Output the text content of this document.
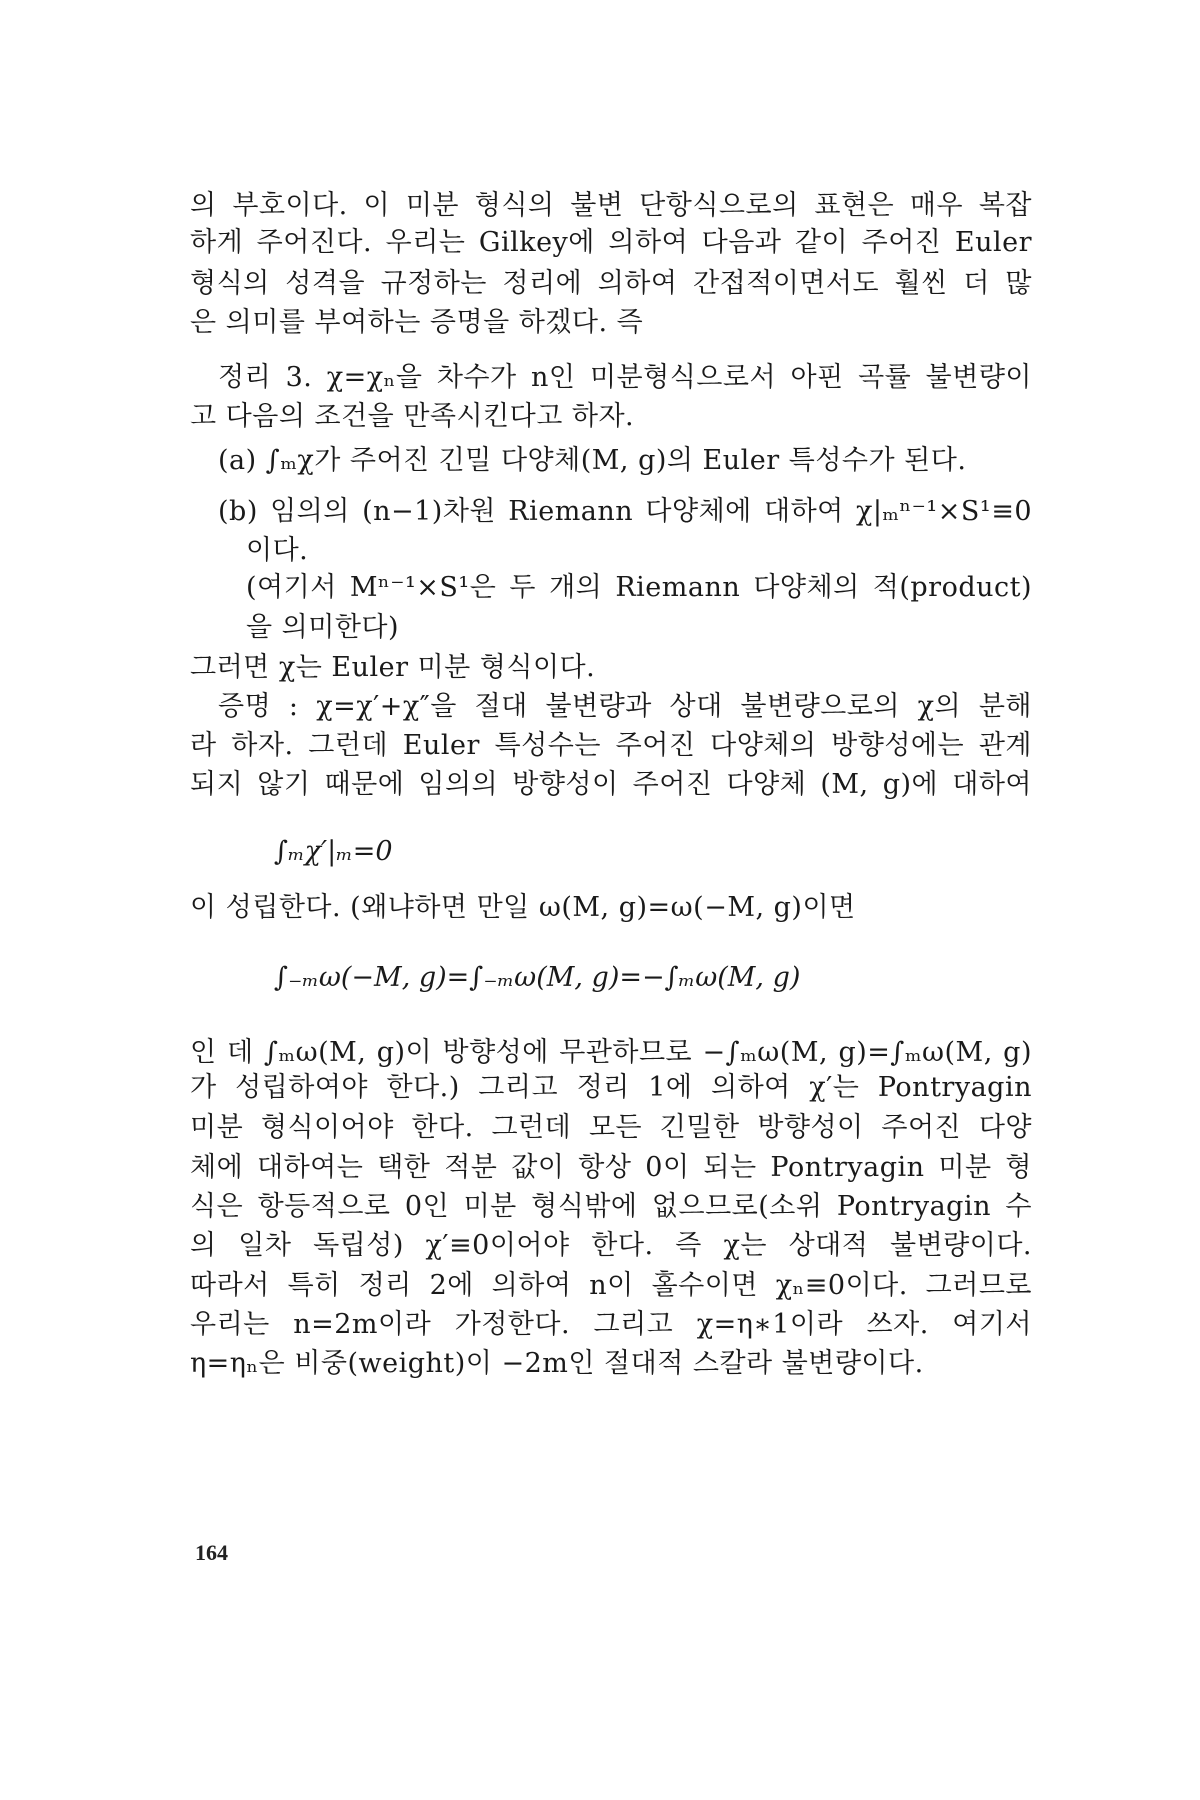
의 부호이다. 이 미분 형식의 불변 단항식으로의 표현은 매우 복잡
하게 주어진다. 우리는 Gilkey에 의하여 다음과 같이 주어진 Euler
형식의 성격을 규정하는 정리에 의하여 간접적이면서도 훨씬 더 많
은 의미를 부여하는 증명을 하겠다. 즉
정리 3. χ=χₙ을 차수가 n인 미분형식으로서 아핀 곡률 불변량이
고 다음의 조건을 만족시킨다고 하자.
(a) ∫ₘχ가 주어진 긴밀 다양체(M, g)의 Euler 특성수가 된다.
(b) 임의의 (n−1)차원 Riemann 다양체에 대하여 χ|ₘⁿ⁻¹×S¹≡0
이다.
(여기서 Mⁿ⁻¹×S¹은 두 개의 Riemann 다양체의 적(product)
을 의미한다)
그러면 χ는 Euler 미분 형식이다.
증명 : χ=χ′+χ″을 절대 불변량과 상대 불변량으로의 χ의 분해
라 하자. 그런데 Euler 특성수는 주어진 다양체의 방향성에는 관계
되지 않기 때문에 임의의 방향성이 주어진 다양체 (M, g)에 대하여
∫ₘχ′|ₘ=0
이 성립한다. (왜냐하면 만일 ω(M, g)=ω(−M, g)이면
∫₋ₘω(−M, g)=∫₋ₘω(M, g)=−∫ₘω(M, g)
인 데 ∫ₘω(M, g)이 방향성에 무관하므로 −∫ₘω(M, g)=∫ₘω(M, g)
가 성립하여야 한다.) 그리고 정리 1에 의하여 χ′는 Pontryagin
미분 형식이어야 한다. 그런데 모든 긴밀한 방향성이 주어진 다양
체에 대하여는 택한 적분 값이 항상 0이 되는 Pontryagin 미분 형
식은 항등적으로 0인 미분 형식밖에 없으므로(소위 Pontryagin 수
의 일차 독립성) χ′≡0이어야 한다. 즉 χ는 상대적 불변량이다.
따라서 특히 정리 2에 의하여 n이 홀수이면 χₙ≡0이다. 그러므로
우리는 n=2m이라 가정한다. 그리고 χ=η∗1이라 쓰자. 여기서
η=ηₙ은 비중(weight)이 −2m인 절대적 스칼라 불변량이다.
164
